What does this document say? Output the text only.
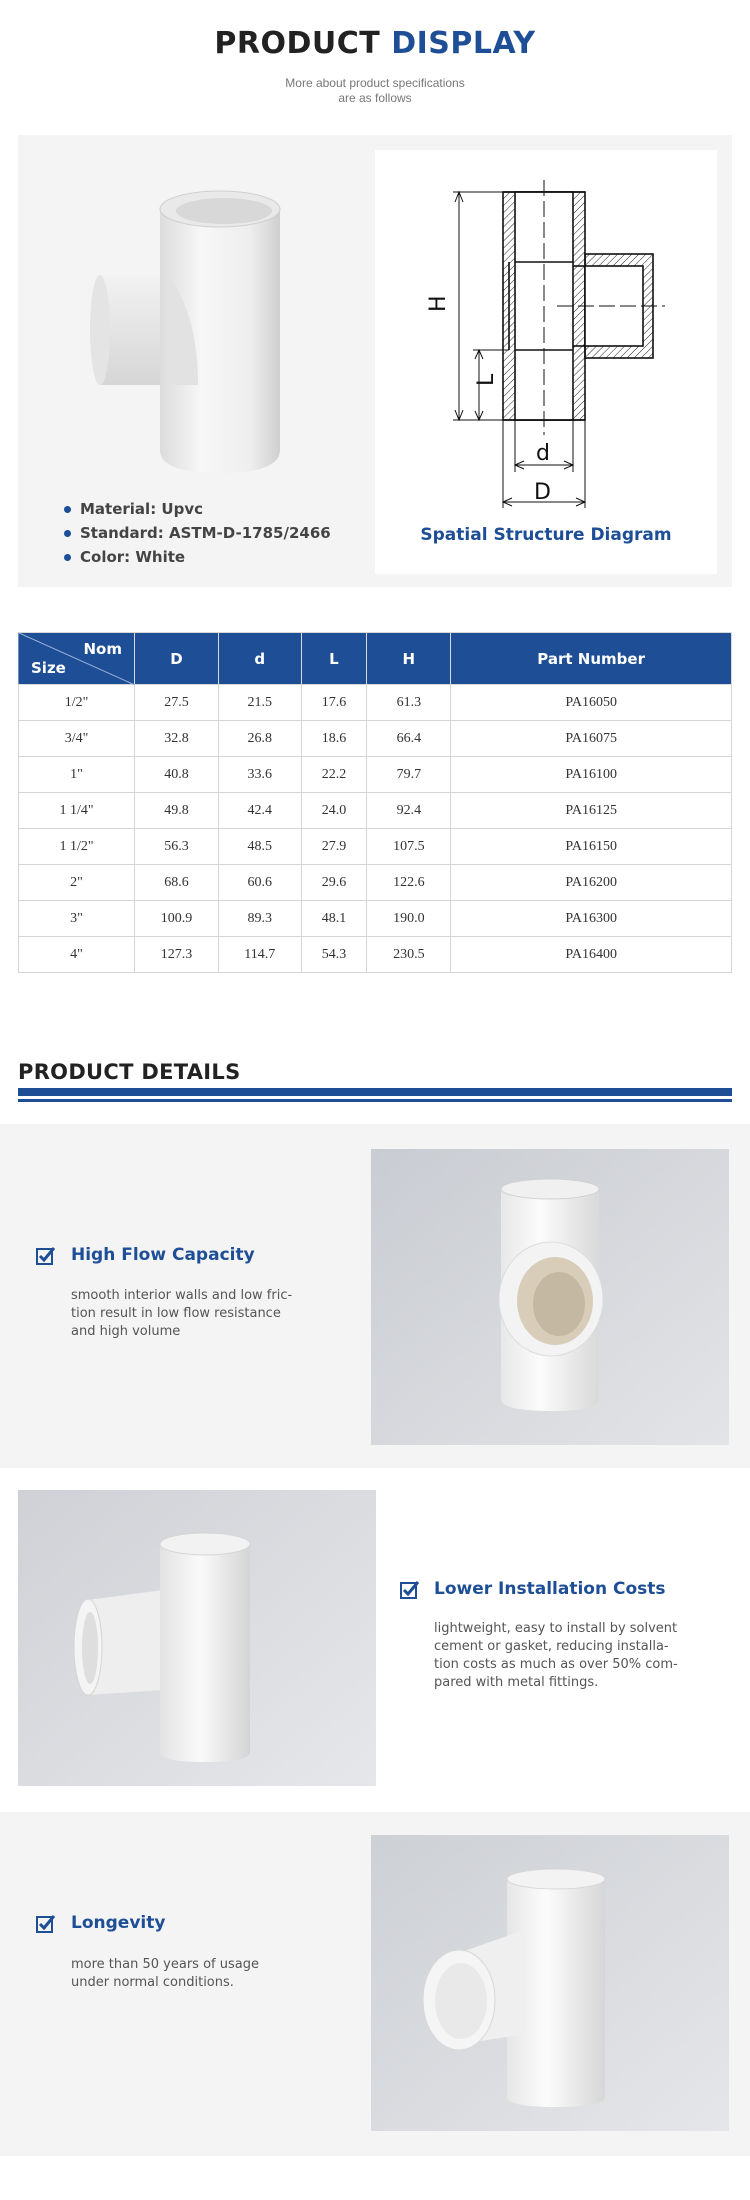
PRODUCT DISPLAY
More about product specifications
are as follows
Material: Upvc
Standard: ASTM-D-1785/2466
Color: White
H
L
d
D
Spatial Structure Diagram
Nom
Size	D	d	L	H	Part Number
1/2"	27.5	21.5	17.6	61.3	PA16050
3/4"	32.8	26.8	18.6	66.4	PA16075
1"	40.8	33.6	22.2	79.7	PA16100
1 1/4"	49.8	42.4	24.0	92.4	PA16125
1 1/2"	56.3	48.5	27.9	107.5	PA16150
2"	68.6	60.6	29.6	122.6	PA16200
3"	100.9	89.3	48.1	190.0	PA16300
4"	127.3	114.7	54.3	230.5	PA16400
PRODUCT DETAILS
High Flow Capacity
smooth interior walls and low fric-
tion result in low flow resistance
and high volume
Lower Installation Costs
lightweight, easy to install by solvent
cement or gasket, reducing installa-
tion costs as much as over 50% com-
pared with metal fittings.
Longevity
more than 50 years of usage
under normal conditions.
